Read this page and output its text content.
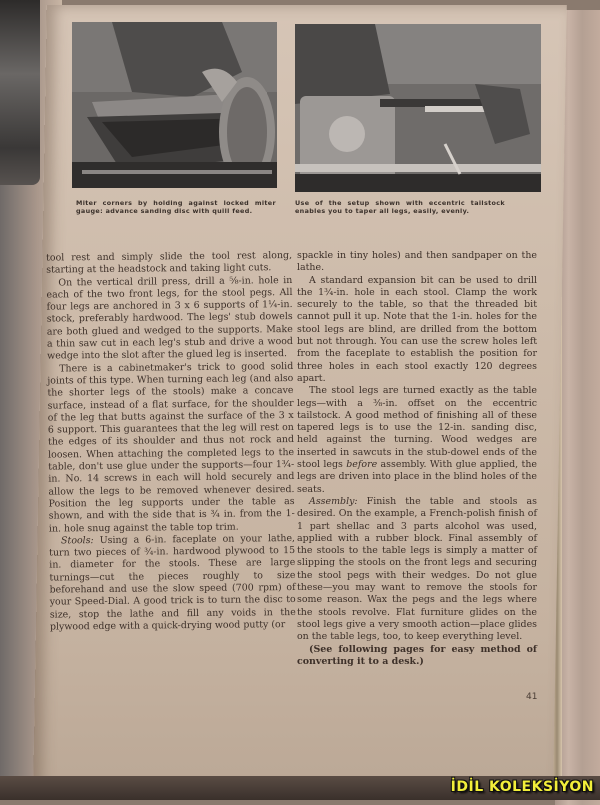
Miter corners by holding against locked miter gauge: advance sanding disc with quill feed.
Use of the setup shown with eccentric tailstock enables you to taper all legs, easily, evenly.

tool rest and simply slide the tool rest along, starting at the headstock and taking light cuts.

On the vertical drill press, drill a ⅝-in. hole in each of the two front legs, for the stool pegs. All four legs are anchored in 3 x 6 supports of 1¼-in. stock, preferably hardwood. The legs' stub dowels are both glued and wedged to the supports. Make a thin saw cut in each leg's stub and drive a wood wedge into the slot after the glued leg is inserted.

There is a cabinetmaker's trick to good solid joints of this type. When turning each leg (and also the shorter legs of the stools) make a concave surface, instead of a flat surface, for the shoulder of the leg that butts against the surface of the 3 x 6 support. This guarantees that the leg will rest on the edges of its shoulder and thus not rock and loosen. When attaching the completed legs to the table, don't use glue under the supports—four 1¾-in. No. 14 screws in each will hold securely and allow the legs to be removed whenever desired. Position the leg supports under the table as shown, and with the side that is ¾ in. from the 1-in. hole snug against the table top trim.

Stools: Using a 6-in. faceplate on your lathe, turn two pieces of ¾-in. hardwood plywood to 15 in. diameter for the stools. These are large turnings—cut the pieces roughly to size beforehand and use the slow speed (700 rpm) of your Speed-Dial. A good trick is to turn the disc to size, stop the lathe and fill any voids in the plywood edge with a quick-drying wood putty (or

spackle in tiny holes) and then sandpaper on the lathe.

A standard expansion bit can be used to drill the 1¾-in. hole in each stool. Clamp the work securely to the table, so that the threaded bit cannot pull it up. Note that the 1-in. holes for the stool legs are blind, are drilled from the bottom but not through. You can use the screw holes left from the faceplate to establish the position for three holes in each stool exactly 120 degrees apart.

The stool legs are turned exactly as the table legs—with a ⅜-in. offset on the eccentric tailstock. A good method of finishing all of these tapered legs is to use the 12-in. sanding disc, held against the turning. Wood wedges are inserted in sawcuts in the stub-dowel ends of the stool legs before assembly. With glue applied, the legs are driven into place in the blind holes of the seats.

Assembly: Finish the table and stools as desired. On the example, a French-polish finish of 1 part shellac and 3 parts alcohol was used, applied with a rubber block. Final assembly of the stools to the table legs is simply a matter of slipping the stools on the front legs and securing the stool pegs with their wedges. Do not glue these—you may want to remove the stools for some reason. Wax the pegs and the legs where the stools revolve. Flat furniture glides on the stool legs give a very smooth action—place glides on the table legs, too, to keep everything level.

(See following pages for easy method of converting it to a desk.)

41
İDİL KOLEKSİYON
